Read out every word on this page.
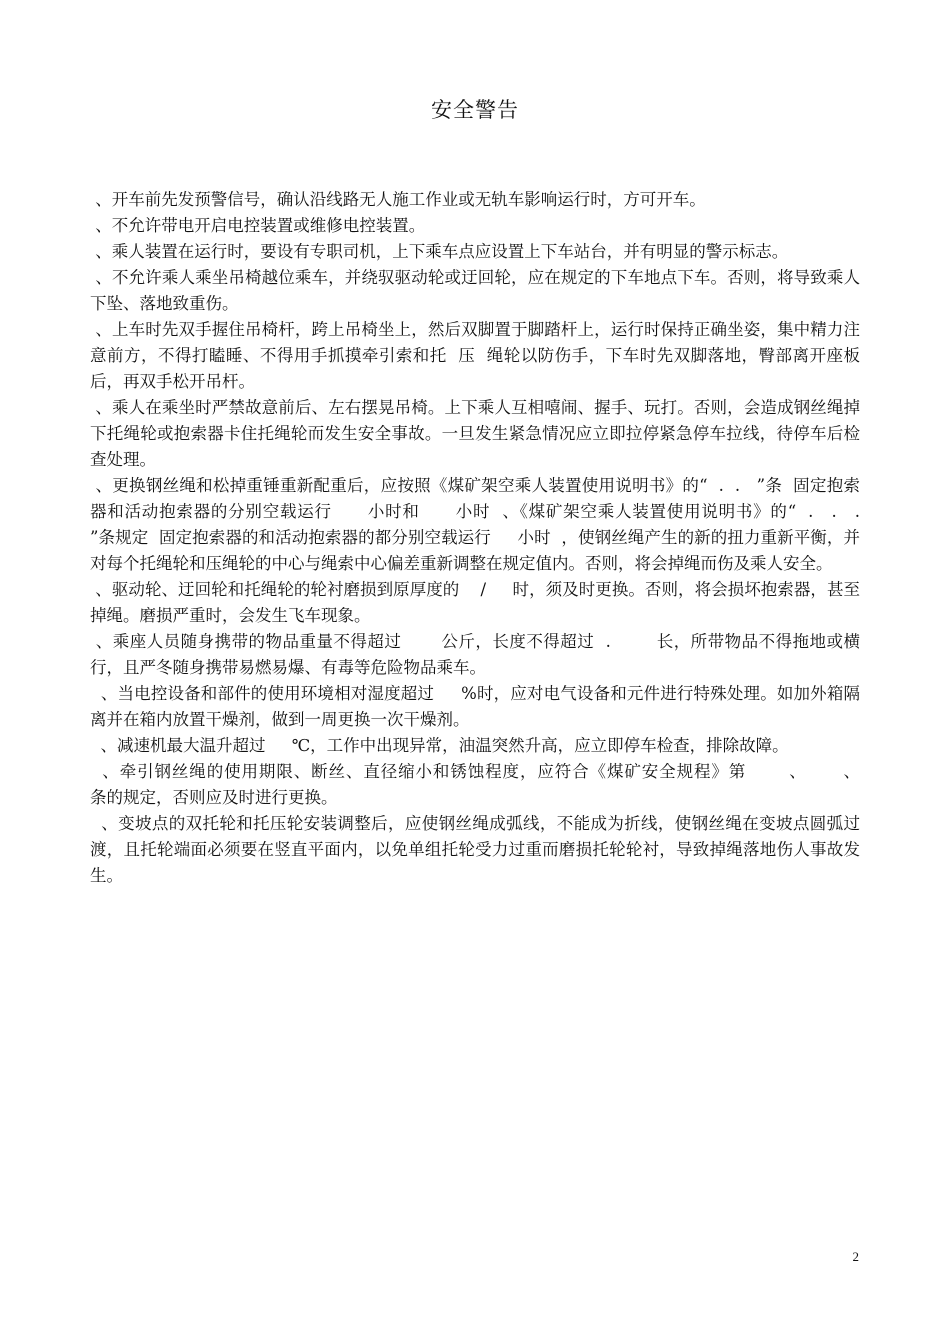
安全警告

、开车前先发预警信号，确认沿线路无人施工作业或无轨车影响运行时，方可开车。

、不允许带电开启电控装置或维修电控装置。

、乘人装置在运行时，要设有专职司机，上下乘车点应设置上下车站台，并有明显的警示标志。

、不允许乘人乘坐吊椅越位乘车，并绕驭驱动轮或迂回轮，应在规定的下车地点下车。否则，将导致乘人下坠、落地致重伤。

、上车时先双手握住吊椅杆，跨上吊椅坐上，然后双脚置于脚踏杆上，运行时保持正确坐姿，集中精力注意前方，不得打瞌睡、不得用手抓摸牵引索和托  压  绳轮以防伤手，下车时先双脚落地，臀部离开座板后，再双手松开吊杆。

、乘人在乘坐时严禁故意前后、左右摆晃吊椅。上下乘人互相嘻闹、握手、玩打。否则，会造成钢丝绳掉下托绳轮或抱索器卡住托绳轮而发生安全事故。一旦发生紧急情况应立即拉停紧急停车拉线，待停车后检查处理。

、更换钢丝绳和松掉重锤重新配重后，应按照《煤矿架空乘人装置使用说明书》的“  .  .   ”条  固定抱索器和活动抱索器的分别空载运行      小时和      小时  、《煤矿架空乘人装置使用说明书》的“  .   .   .    ”条规定  固定抱索器的和活动抱索器的都分别空载运行     小时  ，使钢丝绳产生的新的扭力重新平衡，并对每个托绳轮和压绳轮的中心与绳索中心偏差重新调整在规定值内。否则，将会掉绳而伤及乘人安全。

、驱动轮、迂回轮和托绳轮的轮衬磨损到原厚度的    /     时，须及时更换。否则，将会损坏抱索器，甚至掉绳。磨损严重时，会发生飞车现象。

、乘座人员随身携带的物品重量不得超过       公斤，长度不得超过  .        长，所带物品不得拖地或横行，且严冬随身携带易燃易爆、有毒等危险物品乘车。

、当电控设备和部件的使用环境相对湿度超过     %时，应对电气设备和元件进行特殊处理。如加外箱隔离并在箱内放置干燥剂，做到一周更换一次干燥剂。

、减速机最大温升超过     ℃，工作中出现异常，油温突然升高，应立即停车检查，排除故障。

、牵引钢丝绳的使用期限、断丝、直径缩小和锈蚀程度，应符合《煤矿安全规程》第       、      、             条的规定，否则应及时进行更换。

、变坡点的双托轮和托压轮安装调整后，应使钢丝绳成弧线，不能成为折线，使钢丝绳在变坡点圆弧过渡，且托轮端面必须要在竖直平面内，以免单组托轮受力过重而磨损托轮轮衬，导致掉绳落地伤人事故发生。

2
